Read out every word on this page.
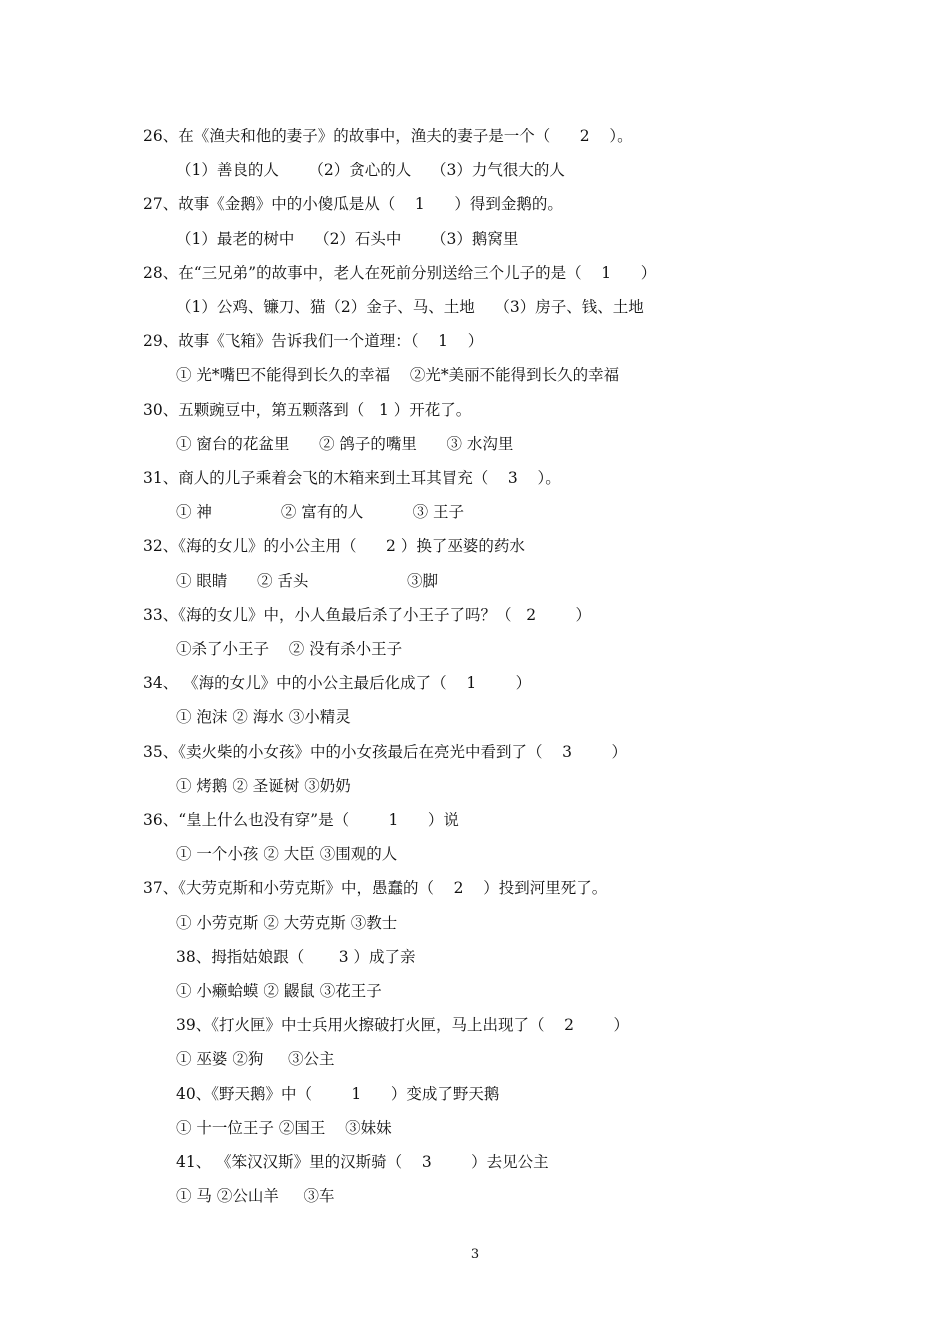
26、在《渔夫和他的妻子》的故事中，渔夫的妻子是一个（      2    ）。
（1）善良的人      （2）贪心的人    （3）力气很大的人
27、故事《金鹅》中的小傻瓜是从（    1      ）得到金鹅的。
（1）最老的树中    （2）石头中      （3）鹅窝里
28、在“三兄弟”的故事中，老人在死前分别送给三个儿子的是（    1      ）
（1）公鸡、镰刀、猫（2）金子、马、土地    （3）房子、钱、土地
29、故事《飞箱》告诉我们一个道理：（    1    ）
① 光*嘴巴不能得到长久的幸福    ②光*美丽不能得到长久的幸福
30、五颗豌豆中，第五颗落到（   1 ）开花了。
① 窗台的花盆里      ② 鸽子的嘴里      ③ 水沟里
31、商人的儿子乘着会飞的木箱来到土耳其冒充（    3    ）。
① 神              ② 富有的人          ③ 王子
32、《海的女儿》的小公主用（      2 ）换了巫婆的药水
① 眼睛      ② 舌头                    ③脚
33、《海的女儿》中，小人鱼最后杀了小王子了吗？（   2        ）
①杀了小王子    ② 没有杀小王子
34、 《海的女儿》中的小公主最后化成了（    1        ）
① 泡沫 ② 海水 ③小精灵
35、《卖火柴的小女孩》中的小女孩最后在亮光中看到了（    3        ）
① 烤鹅 ② 圣诞树 ③奶奶
36、“皇上什么也没有穿”是（        1      ）说
① 一个小孩 ② 大臣 ③围观的人
37、《大劳克斯和小劳克斯》中，愚蠢的（    2    ）投到河里死了。
① 小劳克斯 ② 大劳克斯 ③教士
38、拇指姑娘跟（       3 ）成了亲
① 小癞蛤蟆 ② 鼹鼠 ③花王子
39、《打火匣》中士兵用火擦破打火匣，马上出现了（    2        ）
① 巫婆 ②狗     ③公主
40、《野天鹅》中（        1      ）变成了野天鹅
① 十一位王子 ②国王    ③妹妹
41、 《笨汉汉斯》里的汉斯骑（    3        ）去见公主
① 马 ②公山羊     ③车
3
